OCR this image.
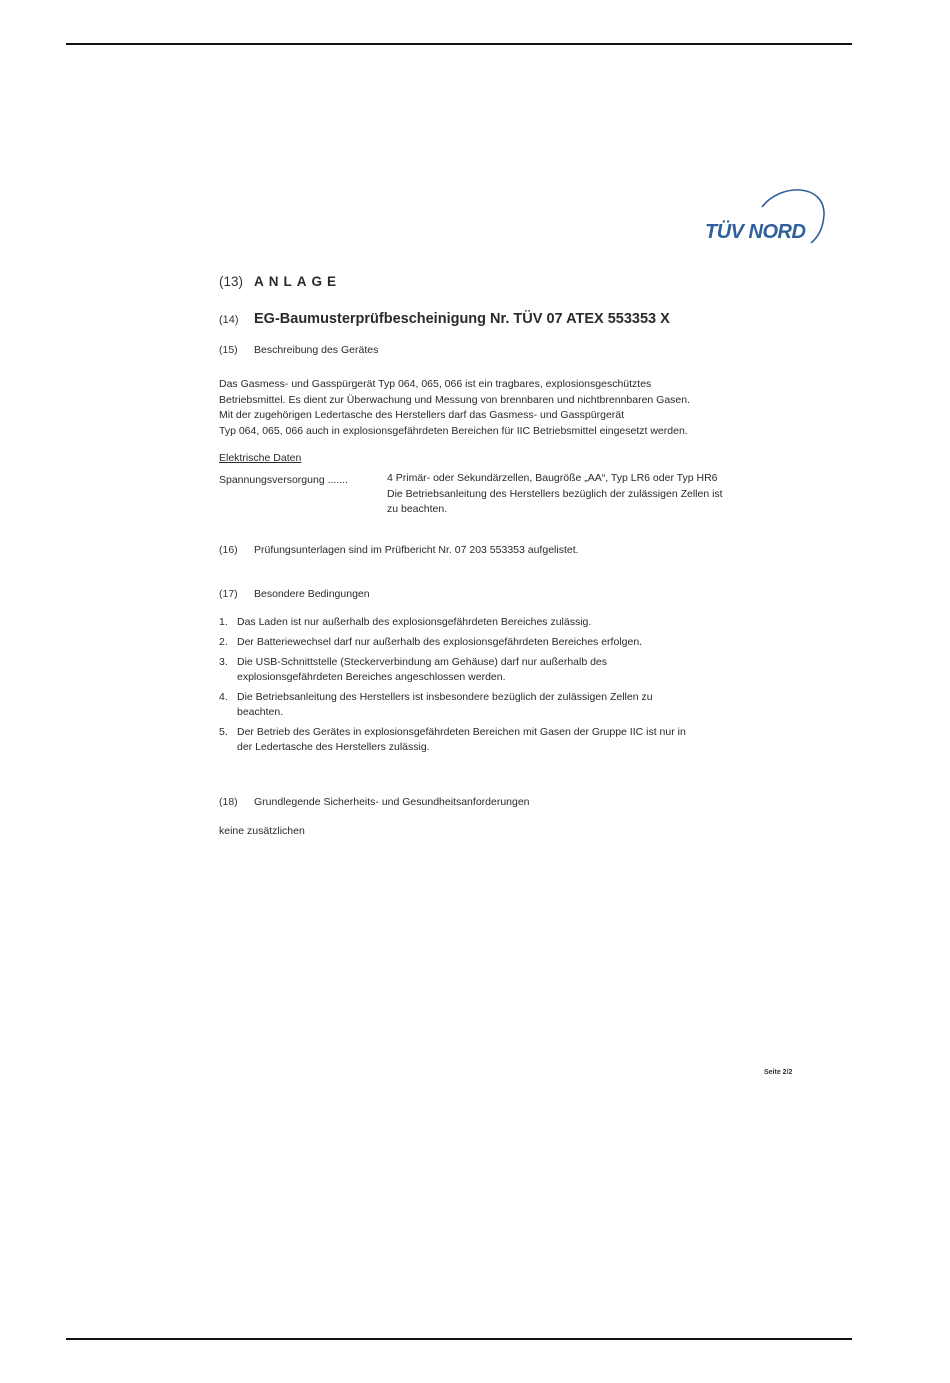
TÜV NORD
(13) ANLAGE
(14) EG-Baumusterprüfbescheinigung Nr. TÜV 07 ATEX 553353 X
(15) Beschreibung des Gerätes
Das Gasmess- und Gasspürgerät Typ 064, 065, 066 ist ein tragbares, explosionsgeschütztes
Betriebsmittel. Es dient zur Überwachung und Messung von brennbaren und nichtbrennbaren Gasen.
Mit der zugehörigen Ledertasche des Herstellers darf das Gasmess- und Gasspürgerät
Typ 064, 065, 066 auch in explosionsgefährdeten Bereichen für IIC Betriebsmittel eingesetzt werden.
Elektrische Daten
Spannungsversorgung .......	4 Primär- oder Sekundärzellen, Baugröße „AA“, Typ LR6 oder Typ HR6
Die Betriebsanleitung des Herstellers bezüglich der zulässigen Zellen ist
zu beachten.
(16) Prüfungsunterlagen sind im Prüfbericht Nr. 07 203 553353 aufgelistet.
(17) Besondere Bedingungen
1. Das Laden ist nur außerhalb des explosionsgefährdeten Bereiches zulässig.
2. Der Batteriewechsel darf nur außerhalb des explosionsgefährdeten Bereiches erfolgen.
3. Die USB-Schnittstelle (Steckerverbindung am Gehäuse) darf nur außerhalb des
explosionsgefährdeten Bereiches angeschlossen werden.
4. Die Betriebsanleitung des Herstellers ist insbesondere bezüglich der zulässigen Zellen zu
beachten.
5. Der Betrieb des Gerätes in explosionsgefährdeten Bereichen mit Gasen der Gruppe IIC ist nur in
der Ledertasche des Herstellers zulässig.
(18) Grundlegende Sicherheits- und Gesundheitsanforderungen
keine zusätzlichen
Seite 2/2
